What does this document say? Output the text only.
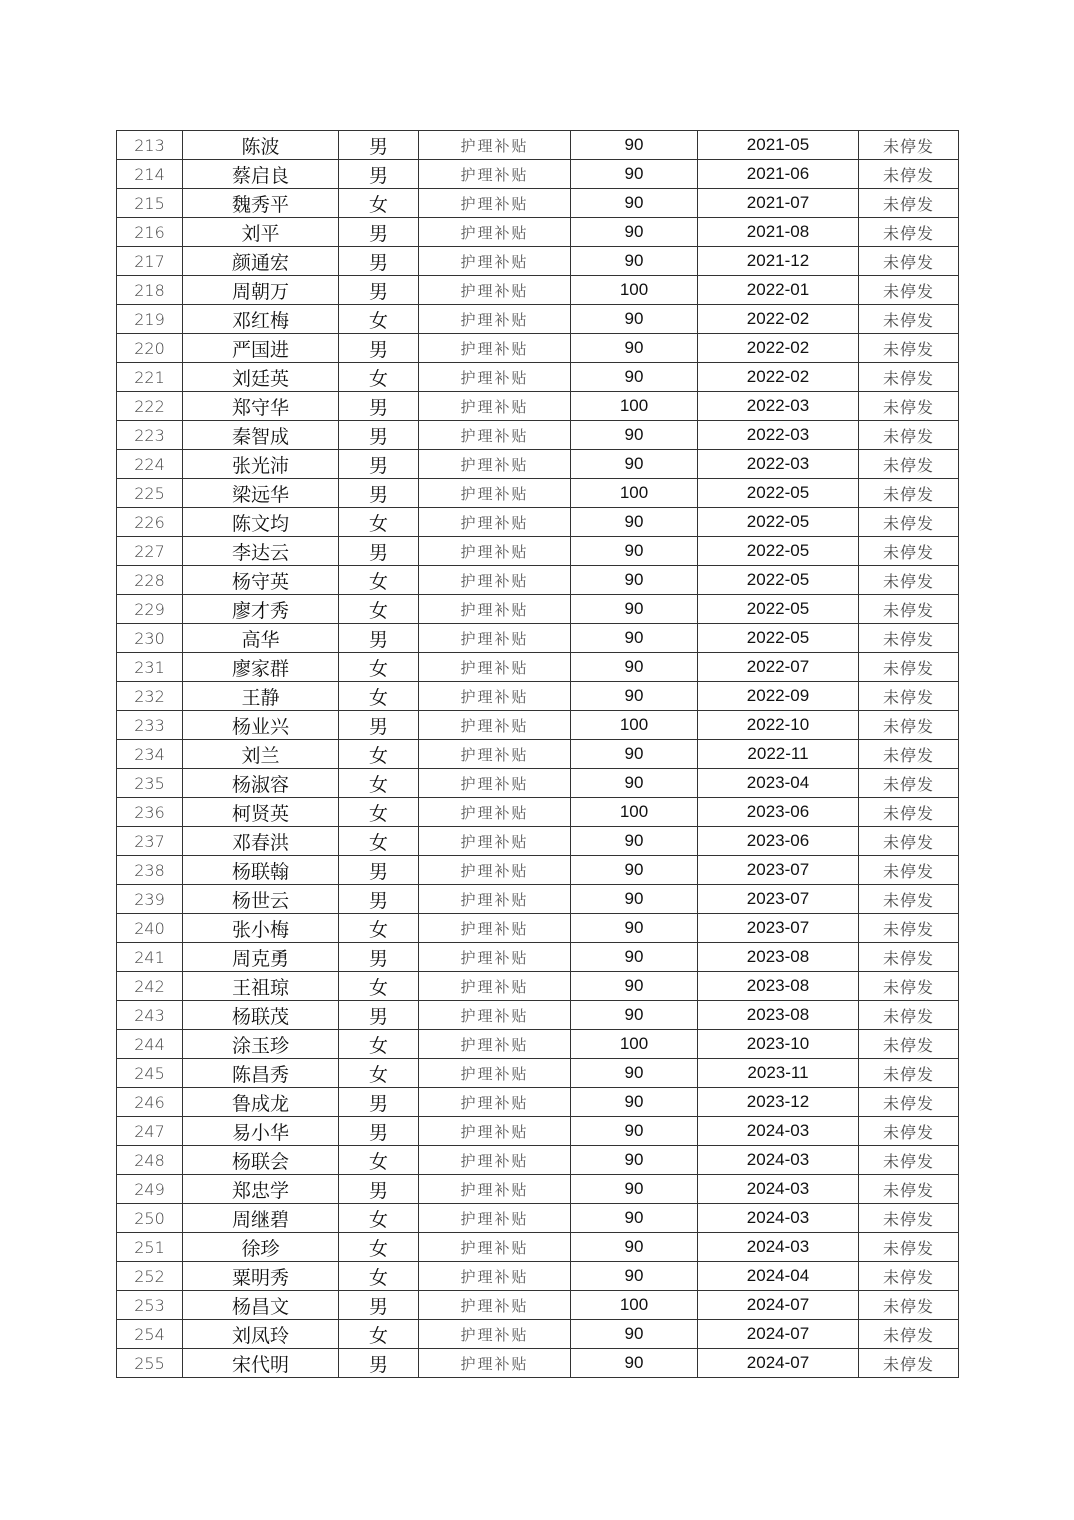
213	陈波	男	护理补贴	90	2021-05	未停发
214	蔡启良	男	护理补贴	90	2021-06	未停发
215	魏秀平	女	护理补贴	90	2021-07	未停发
216	刘平	男	护理补贴	90	2021-08	未停发
217	颜通宏	男	护理补贴	90	2021-12	未停发
218	周朝万	男	护理补贴	100	2022-01	未停发
219	邓红梅	女	护理补贴	90	2022-02	未停发
220	严国进	男	护理补贴	90	2022-02	未停发
221	刘廷英	女	护理补贴	90	2022-02	未停发
222	郑守华	男	护理补贴	100	2022-03	未停发
223	秦智成	男	护理补贴	90	2022-03	未停发
224	张光沛	男	护理补贴	90	2022-03	未停发
225	梁远华	男	护理补贴	100	2022-05	未停发
226	陈文均	女	护理补贴	90	2022-05	未停发
227	李达云	男	护理补贴	90	2022-05	未停发
228	杨守英	女	护理补贴	90	2022-05	未停发
229	廖才秀	女	护理补贴	90	2022-05	未停发
230	高华	男	护理补贴	90	2022-05	未停发
231	廖家群	女	护理补贴	90	2022-07	未停发
232	王静	女	护理补贴	90	2022-09	未停发
233	杨业兴	男	护理补贴	100	2022-10	未停发
234	刘兰	女	护理补贴	90	2022-11	未停发
235	杨淑容	女	护理补贴	90	2023-04	未停发
236	柯贤英	女	护理补贴	100	2023-06	未停发
237	邓春洪	女	护理补贴	90	2023-06	未停发
238	杨联翰	男	护理补贴	90	2023-07	未停发
239	杨世云	男	护理补贴	90	2023-07	未停发
240	张小梅	女	护理补贴	90	2023-07	未停发
241	周克勇	男	护理补贴	90	2023-08	未停发
242	王祖琼	女	护理补贴	90	2023-08	未停发
243	杨联茂	男	护理补贴	90	2023-08	未停发
244	涂玉珍	女	护理补贴	100	2023-10	未停发
245	陈昌秀	女	护理补贴	90	2023-11	未停发
246	鲁成龙	男	护理补贴	90	2023-12	未停发
247	易小华	男	护理补贴	90	2024-03	未停发
248	杨联会	女	护理补贴	90	2024-03	未停发
249	郑忠学	男	护理补贴	90	2024-03	未停发
250	周继碧	女	护理补贴	90	2024-03	未停发
251	徐珍	女	护理补贴	90	2024-03	未停发
252	粟明秀	女	护理补贴	90	2024-04	未停发
253	杨昌文	男	护理补贴	100	2024-07	未停发
254	刘凤玲	女	护理补贴	90	2024-07	未停发
255	宋代明	男	护理补贴	90	2024-07	未停发
